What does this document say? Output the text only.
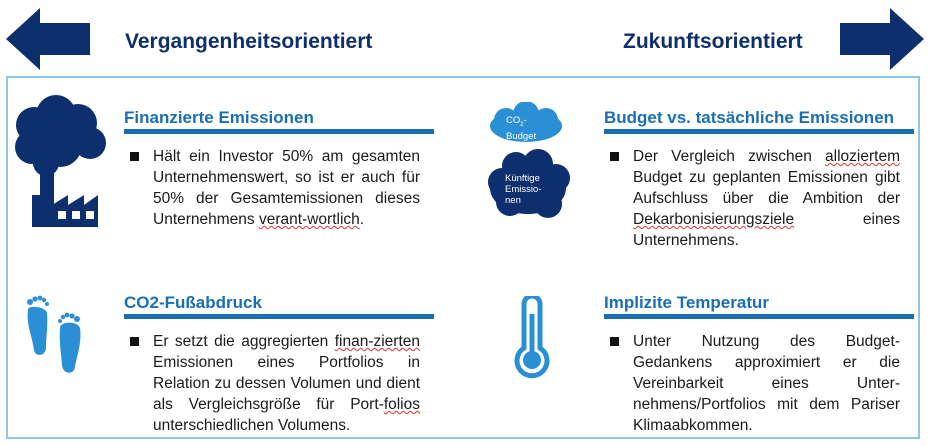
Vergangenheitsorientiert	Zukunftsorientiert
Finanzierte Emissionen
Hält ein Investor 50% am gesamten Unternehmenswert, so ist er auch für 50% der Gesamtemissionen dieses Unternehmens verant-wortlich.
CO2-Fußabdruck
Er setzt die aggregierten finan-zierten Emissionen eines Portfolios in Relation zu dessen Volumen und dient als Vergleichsgröße für Port-folios unterschiedlichen Volumens.
$CO_2-$
Budget
Künftige
Emissio-
nen
Budget vs. tatsächliche Emissionen
Der Vergleich zwischen alloziertem Budget zu geplanten Emissionen gibt Aufschluss über die Ambition der Dekarbonisierungsziele eines Unternehmens.
Implizite Temperatur
Unter Nutzung des Budget-Gedankens approximiert er die Vereinbarkeit eines Unter-nehmens/Portfolios mit dem Pariser Klimaabkommen.
